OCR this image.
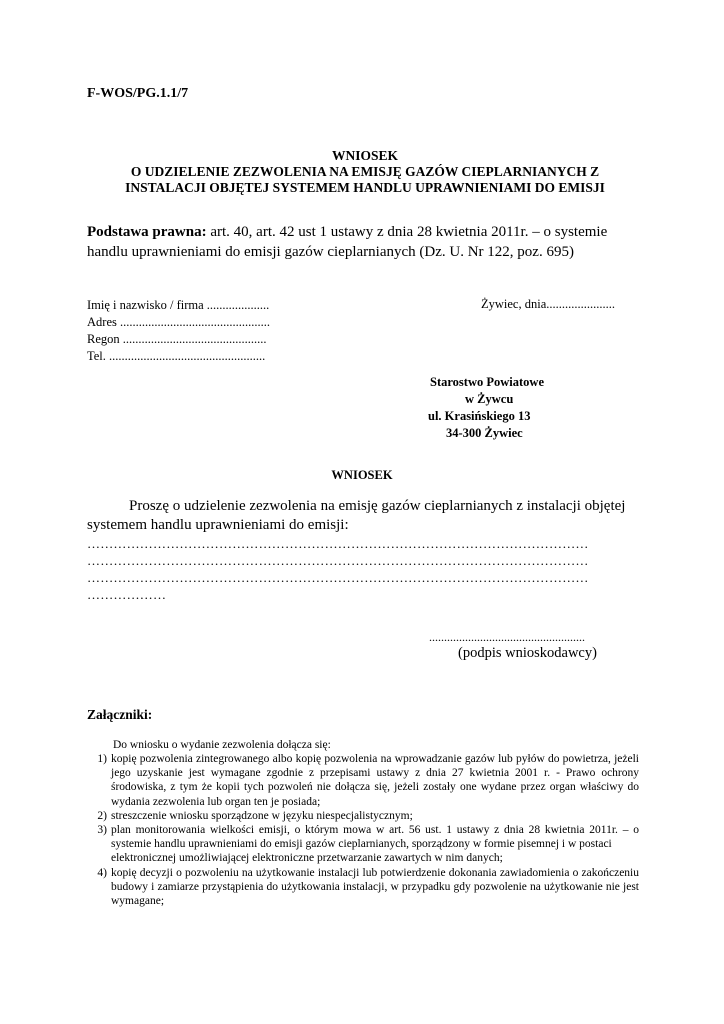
F-WOS/PG.1.1/7
WNIOSEK
O UDZIELENIE ZEZWOLENIA NA EMISJĘ GAZÓW CIEPLARNIANYCH Z
INSTALACJI OBJĘTEJ SYSTEMEM HANDLU UPRAWNIENIAMI DO EMISJI
Podstawa prawna: art. 40, art. 42 ust 1 ustawy z dnia 28 kwietnia 2011r. – o systemie handlu uprawnieniami do emisji gazów cieplarnianych (Dz. U. Nr 122, poz. 695)
Imię i nazwisko / firma ....................
Adres ................................................
Regon ..............................................
Tel. ..................................................
Żywiec, dnia......................
Starostwo Powiatowe
w Żywcu
ul. Krasińskiego 13
34-300 Żywiec
WNIOSEK
Proszę o udzielenie zezwolenia na emisję gazów cieplarnianych z instalacji objętej systemem handlu uprawnieniami do emisji:
……………………………………………………………………………………………………
……………………………………………………………………………………………………
……………………………………………………………………………………………………
………………
....................................................
(podpis wnioskodawcy)
Załączniki:
Do wniosku o wydanie zezwolenia dołącza się:
1) kopię pozwolenia zintegrowanego albo kopię pozwolenia na wprowadzanie gazów lub pyłów do powietrza, jeżeli jego uzyskanie jest wymagane zgodnie z przepisami ustawy z dnia 27 kwietnia 2001 r. - Prawo ochrony środowiska, z tym że kopii tych pozwoleń nie dołącza się, jeżeli zostały one wydane przez organ właściwy do wydania zezwolenia lub organ ten je posiada;
2) streszczenie wniosku sporządzone w języku niespecjalistycznym;
3) plan monitorowania wielkości emisji, o którym mowa w art. 56 ust. 1 ustawy z dnia 28 kwietnia 2011r. – o systemie handlu uprawnieniami do emisji gazów cieplarnianych, sporządzony w formie pisemnej i w postaci
elektronicznej umożliwiającej elektroniczne przetwarzanie zawartych w nim danych;
4) kopię decyzji o pozwoleniu na użytkowanie instalacji lub potwierdzenie dokonania zawiadomienia o zakończeniu budowy i zamiarze przystąpienia do użytkowania instalacji, w przypadku gdy pozwolenie na użytkowanie nie jest wymagane;
